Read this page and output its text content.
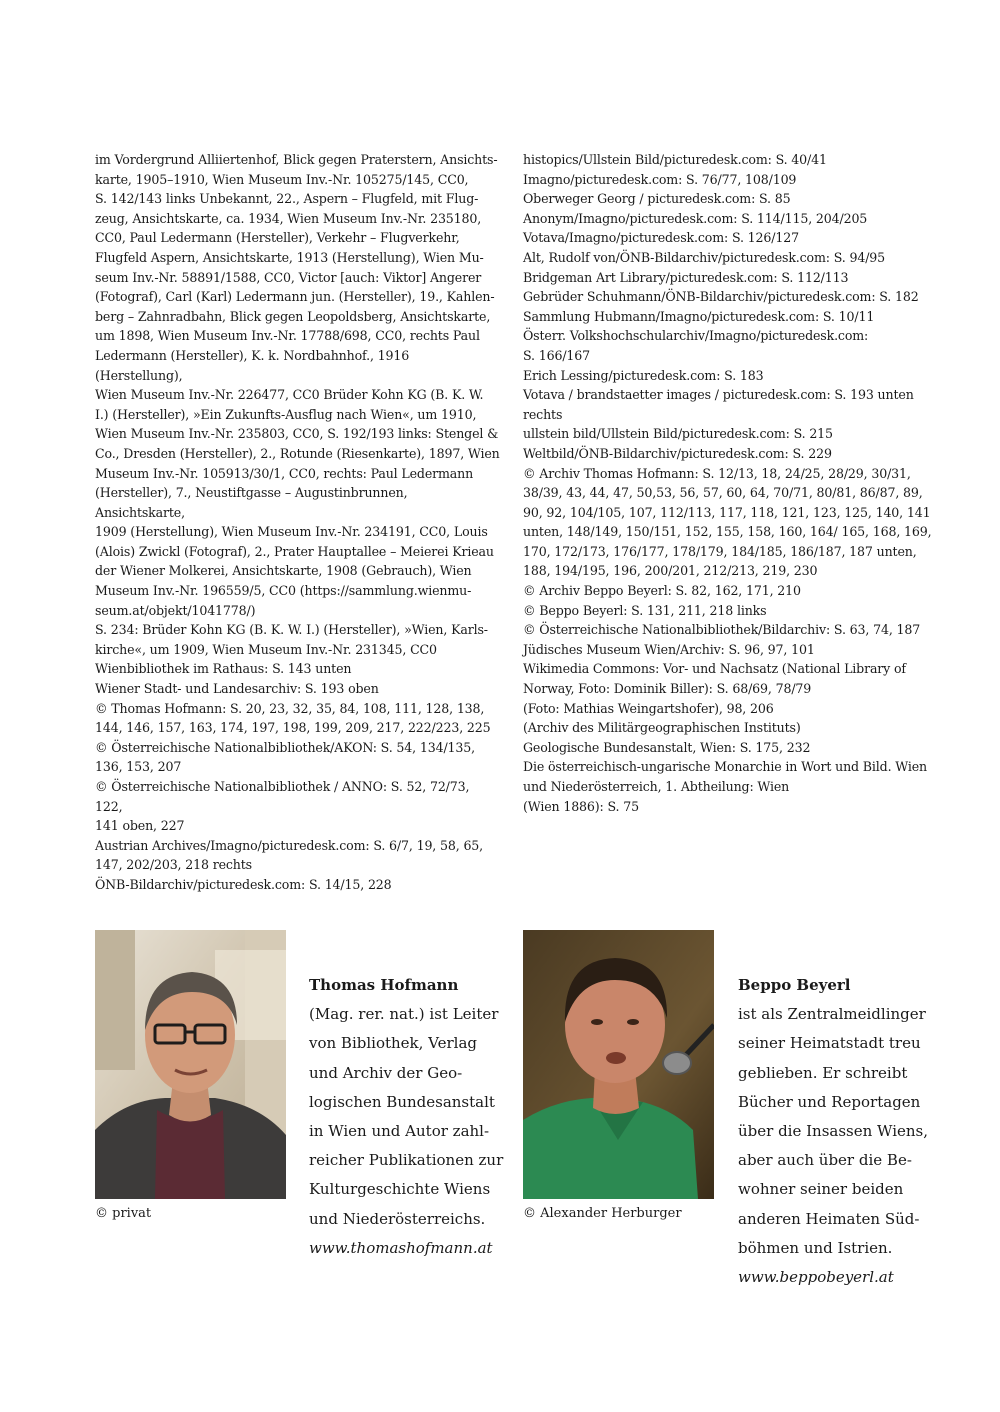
im Vordergrund Alliiertenhof, Blick gegen Praterstern, Ansichts-

karte, 1905–1910, Wien Museum Inv.-Nr. 105275/145, CC0,

S. 142/143 links Unbekannt, 22., Aspern – Flugfeld, mit Flug-

zeug, Ansichtskarte, ca. 1934, Wien Museum Inv.-Nr. 235180,

CC0, Paul Ledermann (Hersteller), Verkehr – Flugverkehr,

Flugfeld Aspern, Ansichtskarte, 1913 (Herstellung), Wien Mu-

seum Inv.-Nr. 58891/1588, CC0, Victor [auch: Viktor] Angerer

(Fotograf), Carl (Karl) Ledermann jun. (Hersteller), 19., Kahlen-

berg – Zahnradbahn, Blick gegen Leopoldsberg, Ansichtskarte,

um 1898, Wien Museum Inv.-Nr. 17788/698, CC0, rechts Paul

Ledermann (Hersteller), K. k. Nordbahnhof., 1916 (Herstellung),

Wien Museum Inv.-Nr. 226477, CC0 Brüder Kohn KG (B. K. W.

I.) (Hersteller), »Ein Zukunfts-Ausflug nach Wien«, um 1910,

Wien Museum Inv.-Nr. 235803, CC0, S. 192/193 links: Stengel &

Co., Dresden (Hersteller), 2., Rotunde (Riesenkarte), 1897, Wien

Museum Inv.-Nr. 105913/30/1, CC0, rechts: Paul Ledermann

(Hersteller), 7., Neustiftgasse – Augustinbrunnen, Ansichtskarte,

1909 (Herstellung), Wien Museum Inv.-Nr. 234191, CC0, Louis

(Alois) Zwickl (Fotograf), 2., Prater Hauptallee – Meierei Krieau

der Wiener Molkerei, Ansichtskarte, 1908 (Gebrauch), Wien

Museum Inv.-Nr. 196559/5, CC0 (https://sammlung.wienmu-

seum.at/objekt/1041778/)

S. 234: Brüder Kohn KG (B. K. W. I.) (Hersteller), »Wien, Karls-

kirche«, um 1909, Wien Museum Inv.-Nr. 231345, CC0

Wienbibliothek im Rathaus: S. 143 unten

Wiener Stadt- und Landesarchiv: S. 193 oben

© Thomas Hofmann: S. 20, 23, 32, 35, 84, 108, 111, 128, 138,

144, 146, 157, 163, 174, 197, 198, 199, 209, 217, 222/223, 225

© Österreichische Nationalbibliothek/AKON: S. 54, 134/135,

136, 153, 207

© Österreichische Nationalbibliothek / ANNO: S. 52, 72/73, 122,

141 oben, 227

Austrian Archives/Imagno/picturedesk.com: S. 6/7, 19, 58, 65,

147, 202/203, 218 rechts

ÖNB-Bildarchiv/picturedesk.com: S. 14/15, 228

histopics/Ullstein Bild/picturedesk.com: S. 40/41

Imagno/picturedesk.com: S. 76/77, 108/109

Oberweger Georg / picturedesk.com: S. 85

Anonym/Imagno/picturedesk.com: S. 114/115, 204/205

Votava/Imagno/picturedesk.com: S. 126/127

Alt, Rudolf von/ÖNB-Bildarchiv/picturedesk.com: S. 94/95

Bridgeman Art Library/picturedesk.com: S. 112/113

Gebrüder Schuhmann/ÖNB-Bildarchiv/picturedesk.com: S. 182

Sammlung Hubmann/Imagno/picturedesk.com: S. 10/11

Österr. Volkshochschularchiv/Imagno/picturedesk.com:

S. 166/167

Erich Lessing/picturedesk.com: S. 183

Votava / brandstaetter images / picturedesk.com: S. 193 unten

rechts

ullstein bild/Ullstein Bild/picturedesk.com: S. 215

Weltbild/ÖNB-Bildarchiv/picturedesk.com: S. 229

© Archiv Thomas Hofmann: S. 12/13, 18, 24/25, 28/29, 30/31,

38/39, 43, 44, 47, 50,53, 56, 57, 60, 64, 70/71, 80/81, 86/87, 89,

90, 92, 104/105, 107, 112/113, 117, 118, 121, 123, 125, 140, 141

unten, 148/149, 150/151, 152, 155, 158, 160, 164/ 165, 168, 169,

170, 172/173, 176/177, 178/179, 184/185, 186/187, 187 unten,

188, 194/195, 196, 200/201, 212/213, 219, 230

© Archiv Beppo Beyerl: S. 82, 162, 171, 210

© Beppo Beyerl: S. 131, 211, 218 links

© Österreichische Nationalbibliothek/Bildarchiv: S. 63, 74, 187

Jüdisches Museum Wien/Archiv: S. 96, 97, 101

Wikimedia Commons: Vor- und Nachsatz (National Library of

Norway, Foto: Dominik Biller): S. 68/69, 78/79

(Foto: Mathias Weingartshofer), 98, 206

(Archiv des Militärgeographischen Instituts)

Geologische Bundesanstalt, Wien: S. 175, 232

Die österreichisch-ungarische Monarchie in Wort und Bild. Wien

und Niederösterreich, 1. Abtheilung: Wien

(Wien 1886): S. 75

© privat
Thomas Hofmann
(Mag. rer. nat.) ist Leiter
von Bibliothek, Verlag
und Archiv der Geo-
logischen Bundesanstalt
in Wien und Autor zahl-
reicher Publikationen zur
Kulturgeschichte Wiens
und Niederösterreichs.
www.thomashofmann.at
© Alexander Herburger
Beppo Beyerl
ist als Zentralmeidlinger
seiner Heimatstadt treu
geblieben. Er schreibt
Bücher und Reportagen
über die Insassen Wiens,
aber auch über die Be-
wohner seiner beiden
anderen Heimaten Süd-
böhmen und Istrien.
www.beppobeyerl.at
